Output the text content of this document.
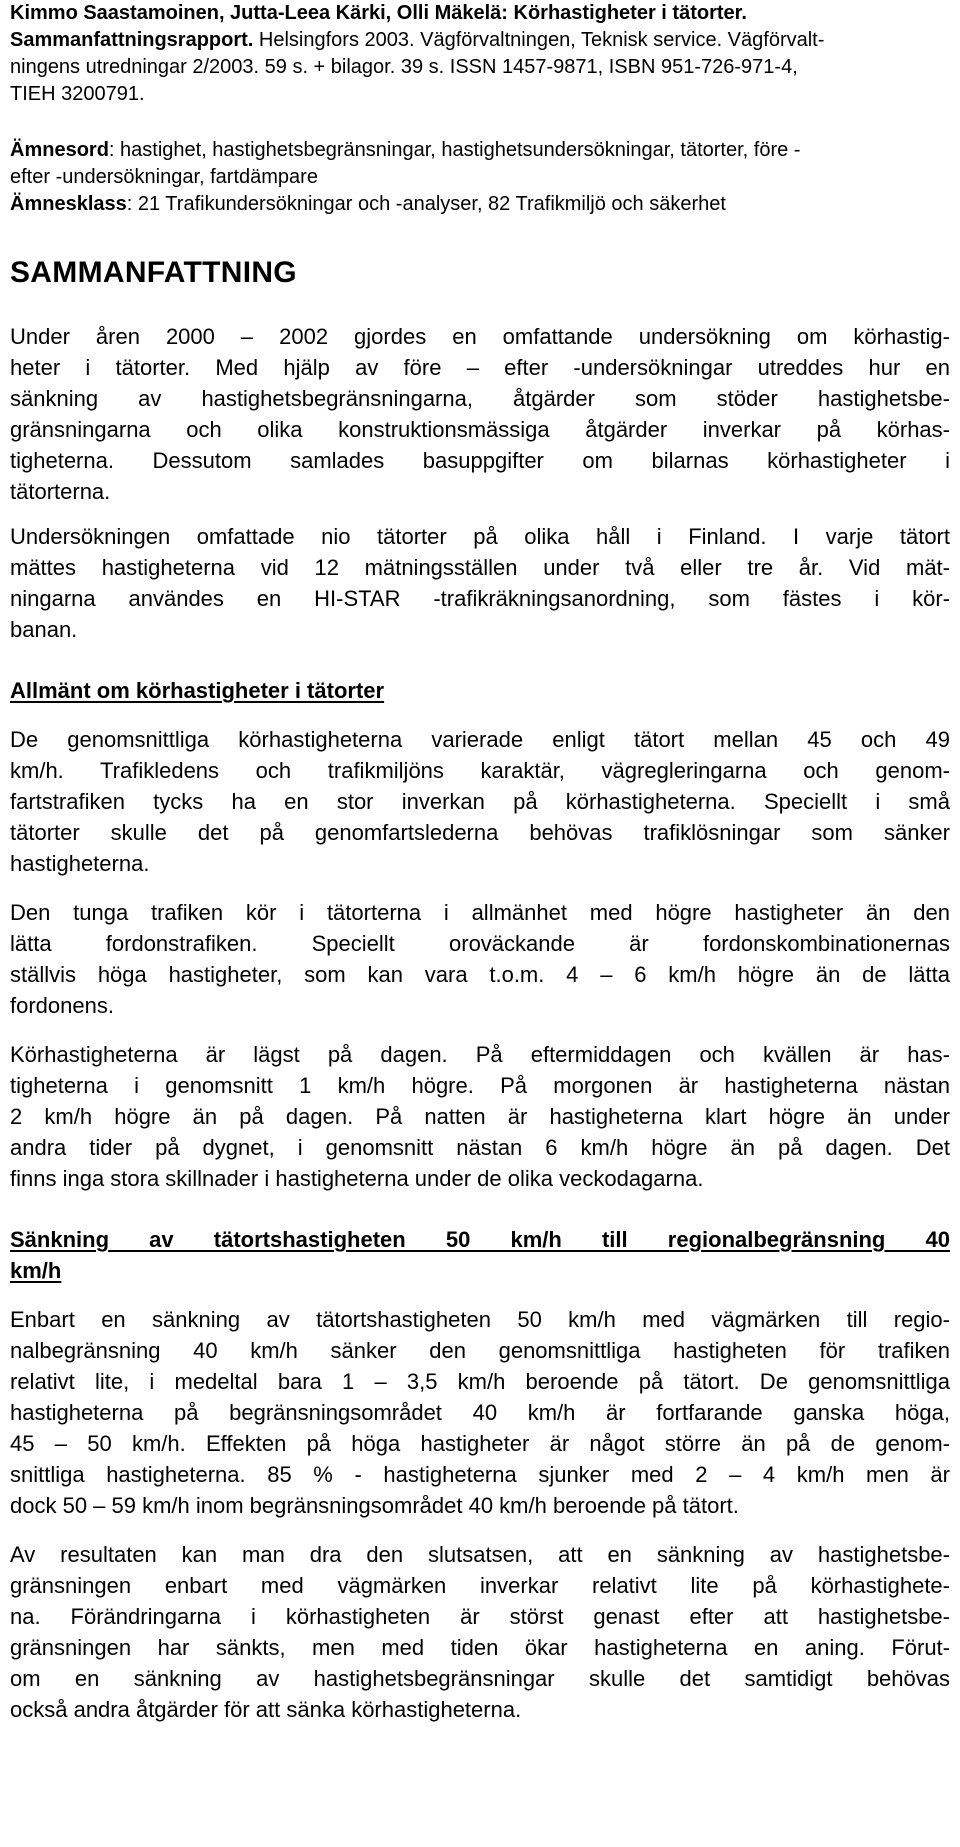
Kimmo Saastamoinen, Jutta-Leea Kärki, Olli Mäkelä: Körhastigheter i tätorter.
Sammanfattningsrapport. Helsingfors 2003. Vägförvaltningen, Teknisk service. Vägförvalt-
ningens utredningar 2/2003. 59 s. + bilagor. 39 s. ISSN 1457-9871, ISBN 951-726-971-4,
TIEH 3200791.
Ämnesord: hastighet, hastighetsbegränsningar, hastighetsundersökningar, tätorter, före -
efter -undersökningar, fartdämpare
Ämnesklass: 21 Trafikundersökningar och -analyser, 82 Trafikmiljö och säkerhet
SAMMANFATTNING

Under åren 2000 – 2002 gjordes en omfattande undersökning om körhastig-
heter i tätorter. Med hjälp av före – efter -undersökningar utreddes hur en
sänkning av hastighetsbegränsningarna, åtgärder som stöder hastighetsbe-
gränsningarna och olika konstruktionsmässiga åtgärder inverkar på körhas-
tigheterna. Dessutom samlades basuppgifter om bilarnas körhastigheter i
tätorterna.

Undersökningen omfattade nio tätorter på olika håll i Finland. I varje tätort
mättes hastigheterna vid 12 mätningsställen under två eller tre år. Vid mät-
ningarna användes en HI-STAR -trafikräkningsanordning, som fästes i kör-
banan.

Allmänt om körhastigheter i tätorter

De genomsnittliga körhastigheterna varierade enligt tätort mellan 45 och 49
km/h. Trafikledens och trafikmiljöns karaktär, vägregleringarna och genom-
fartstrafiken tycks ha en stor inverkan på körhastigheterna. Speciellt i små
tätorter skulle det på genomfartslederna behövas trafiklösningar som sänker
hastigheterna.

Den tunga trafiken kör i tätorterna i allmänhet med högre hastigheter än den
lätta fordonstrafiken. Speciellt oroväckande är fordonskombinationernas
ställvis höga hastigheter, som kan vara t.o.m. 4 – 6 km/h högre än de lätta
fordonens.

Körhastigheterna är lägst på dagen. På eftermiddagen och kvällen är has-
tigheterna i genomsnitt 1 km/h högre. På morgonen är hastigheterna nästan
2 km/h högre än på dagen. På natten är hastigheterna klart högre än under
andra tider på dygnet, i genomsnitt nästan 6 km/h högre än på dagen. Det
finns inga stora skillnader i hastigheterna under de olika veckodagarna.

Sänkning av tätortshastigheten 50 km/h till regionalbegränsning 40
km/h

Enbart en sänkning av tätortshastigheten 50 km/h med vägmärken till regio-
nalbegränsning 40 km/h sänker den genomsnittliga hastigheten för trafiken
relativt lite, i medeltal bara 1 – 3,5 km/h beroende på tätort. De genomsnittliga
hastigheterna på begränsningsområdet 40 km/h är fortfarande ganska höga,
45 – 50 km/h. Effekten på höga hastigheter är något större än på de genom-
snittliga hastigheterna. 85 % - hastigheterna sjunker med 2 – 4 km/h men är
dock 50 – 59 km/h inom begränsningsområdet 40 km/h beroende på tätort.

Av resultaten kan man dra den slutsatsen, att en sänkning av hastighetsbe-
gränsningen enbart med vägmärken inverkar relativt lite på körhastighete-
na. Förändringarna i körhastigheten är störst genast efter att hastighetsbe-
gränsningen har sänkts, men med tiden ökar hastigheterna en aning. Förut-
om en sänkning av hastighetsbegränsningar skulle det samtidigt behövas
också andra åtgärder för att sänka körhastigheterna.
